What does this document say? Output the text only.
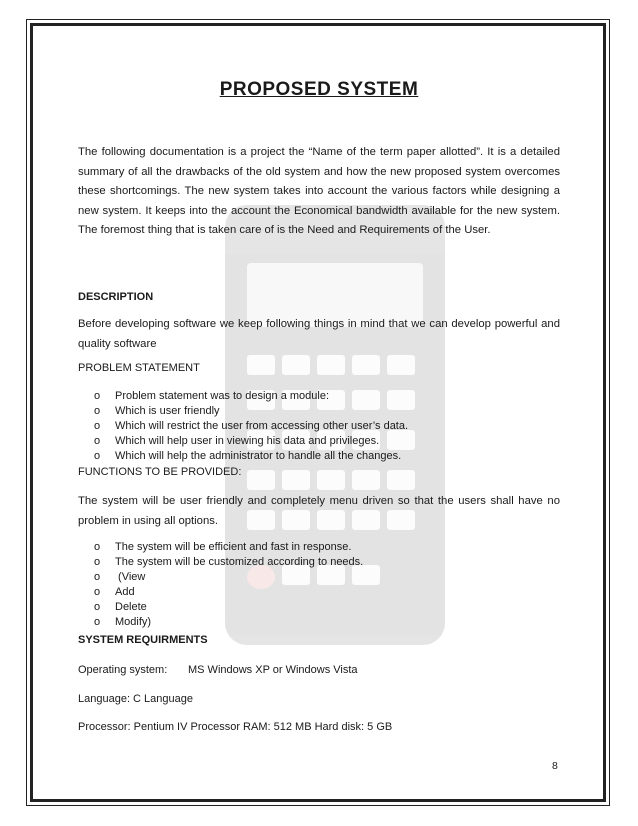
PROPOSED SYSTEM

The following documentation is a project the “Name of the term paper allotted”. It is a detailed summary of all the drawbacks of the old system and how the new proposed system overcomes these shortcomings. The new system takes into account the various factors while designing a new system. It keeps into the account the Economical bandwidth available for the new system. The foremost thing that is taken care of is the Need and Requirements of the User.

DESCRIPTION

Before developing software we keep following things in mind that we can develop powerful and quality software

PROBLEM STATEMENT
o Problem statement was to design a module:
o Which is user friendly
o Which will restrict the user from accessing other user’s data.
o Which will help user in viewing his data and privileges.
o Which will help the administrator to handle all the changes.
FUNCTIONS TO BE PROVIDED:

The system will be user friendly and completely menu driven so that the users shall have no problem in using all options.

o The system will be efficient and fast in response.
o The system will be customized according to needs.
o (View
o Add
o Delete
o Modify)
SYSTEM REQUIRMENTS
Operating system: MS Windows XP or Windows Vista
Language: C Language
Processor: Pentium IV Processor RAM: 512 MB Hard disk: 5 GB
8
